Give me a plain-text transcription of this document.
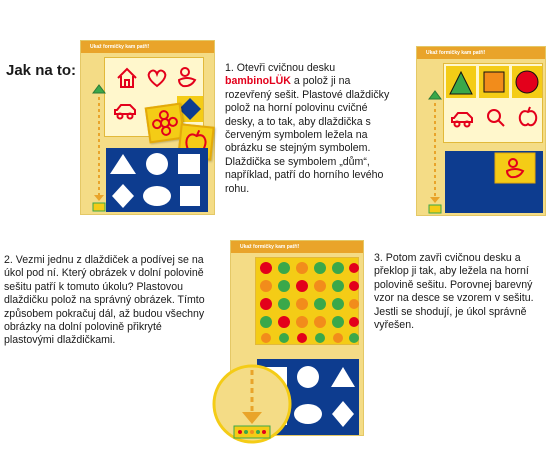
Jak na to:	1. Otevři cvičnou desku
bambinoLÜK a polož ji na rozevřený sešit. Plastové dlaždičky polož na horní polovinu cvičné desky, a to tak, aby dlaždička s červeným symbolem ležela na obrázku se stejným symbolem. Dlaždička se symbolem „dům“, například, patří do horního levého rohu.
2. Vezmi jednu z dlaždiček a podívej se na úkol pod ní. Který obrázek v dolní polovině sešitu patří k tomuto úkolu? Plastovou dlaždičku polož na správný obrázek. Tímto způsobem pokračuj dál, až budou všechny obrázky na dolní polovině přikryté plastovými dlaždičkami.
3. Potom zavři cvičnou desku a překlop ji tak, aby ležela na horní polovině sešitu. Porovnej barevný vzor na desce se vzorem v sešitu. Jestli se shodují, je úkol správně vyřešen.
Ukaž formičky kam patří!
Ukaž formičky kam patří!
Ukaž formičky kam patří!
